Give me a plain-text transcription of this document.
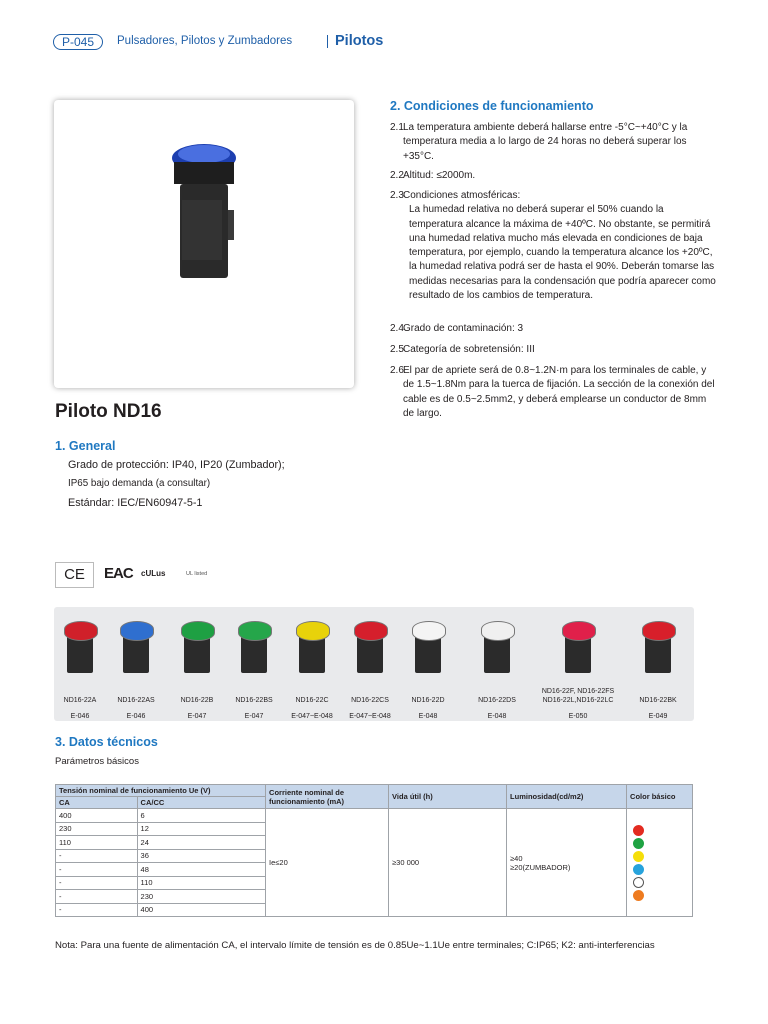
P-045	Pulsadores, Pilotos y Zumbadores	Pilotos
Piloto ND16
1. General
Grado de protección: IP40, IP20 (Zumbador);
IP65 bajo demanda (a consultar)
Estándar: IEC/EN60947-5-1
2. Condiciones de funcionamiento
2.1 La temperatura ambiente deberá hallarse entre -5°C~+40°C y la temperatura media a lo largo de 24 horas no deberá superar los +35°C.
2.2 Altitud: ≤2000m.
2.3 Condiciones atmosféricas:
La humedad relativa no deberá superar el 50% cuando la temperatura alcance la máxima de +40ºC. No obstante, se permitirá una humedad relativa mucho más elevada en condiciones de baja temperatura, por ejemplo, cuando la temperatura alcance los +20ºC, la humedad relativa podrá ser de hasta el 90%. Deberán tomarse las medidas necesarias para la condensación que podría aparecer como resultado de los cambios de temperatura.
2.4 Grado de contaminación: 3
2.5 Categoría de sobretensión: III
2.6 El par de apriete será de 0.8~1.2N·m para los terminales de cable, y de 1.5~1.8Nm para la tuerca de fijación. La sección de la conexión del cable es de 0.5~2.5mm2, y deberá emplearse un conductor de 8mm de largo.
CE	EAC cULus	UL listed
ND16-22A
E-046
ND16-22AS
E-046
ND16-22B
E-047
ND16-22BS
E-047
ND16-22C
E-047~E-048
ND16-22CS
E-047~E-048
ND16-22D
E-048
ND16-22DS
E-048
ND16-22F, ND16-22FS ND16-22L,ND16-22LC
E-050
ND16-22BK
E-049
3. Datos técnicos
Parámetros básicos
Tensión nominal de funcionamiento Ue (V)		Corriente nominal de funcionamiento (mA)	Vida útil (h)	Luminosidad(cd/m2)	Color básico
CA	CA/CC				
400	6	Ie≤20	≥30 000	≥40
≥20(ZUMBADOR)	

230	12				
110	24				
-	36				
-	48				
-	110				
-	230				
-	400				
Nota: Para una fuente de alimentación CA, el intervalo límite de tensión es de 0.85Ue~1.1Ue entre terminales; C:IP65; K2: anti-interferencias
